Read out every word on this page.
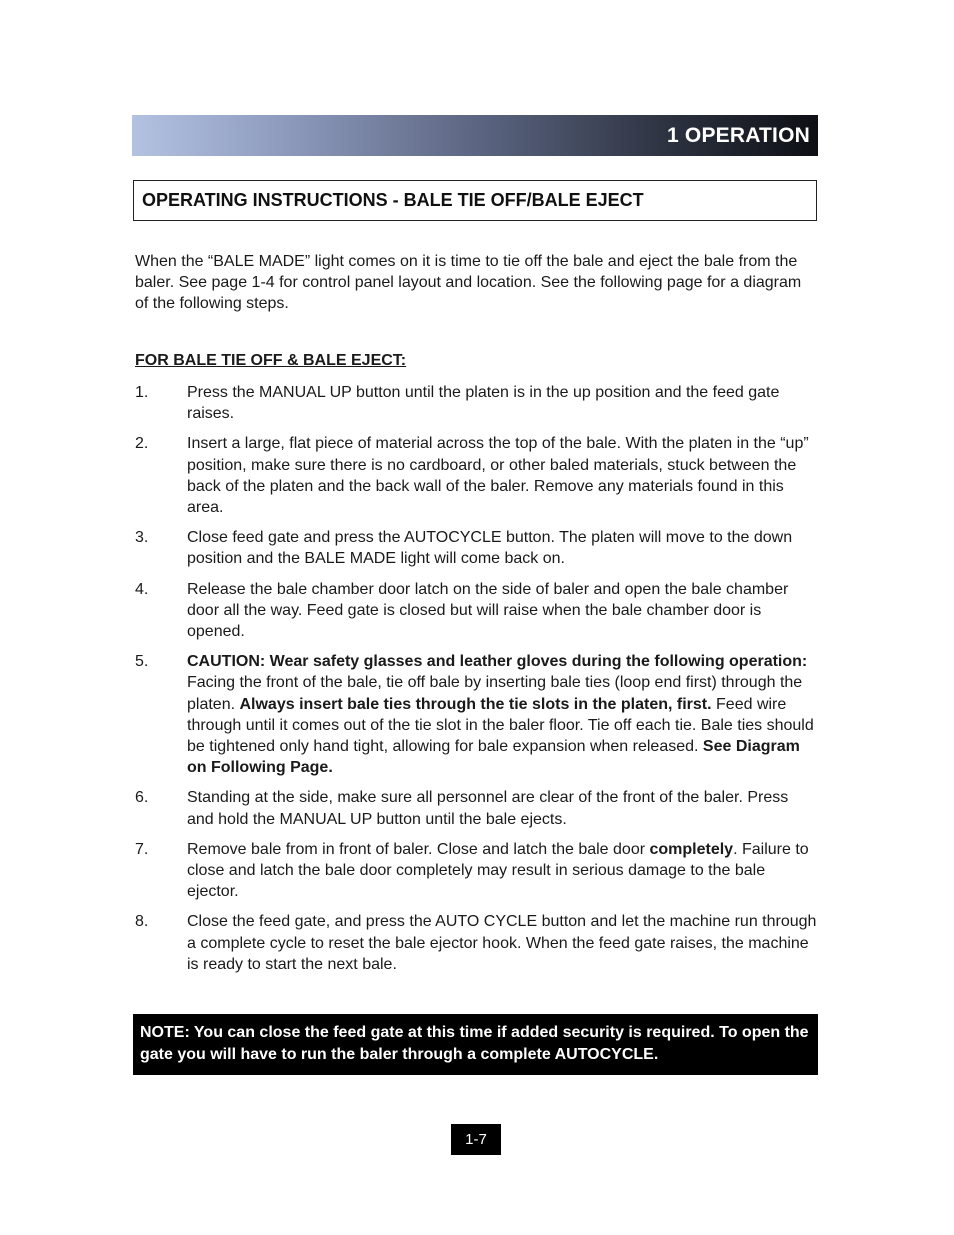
1 OPERATION
OPERATING INSTRUCTIONS - BALE TIE OFF/BALE EJECT

When the “BALE MADE” light comes on it is time to tie off the bale and eject the bale from the baler. See page 1-4 for control panel layout and location. See the following page for a diagram of the following steps.

FOR BALE TIE OFF & BALE EJECT:
1. Press the MANUAL UP button until the platen is in the up position and the feed gate raises.
2. Insert a large, flat piece of material across the top of the bale. With the platen in the “up” position, make sure there is no cardboard, or other baled materials, stuck between the back of the platen and the back wall of the baler. Remove any materials found in this area.
3. Close feed gate and press the AUTOCYCLE button. The platen will move to the down position and the BALE MADE light will come back on.
4. Release the bale chamber door latch on the side of baler and open the bale chamber door all the way. Feed gate is closed but will raise when the bale chamber door is opened.
5. CAUTION: Wear safety glasses and leather gloves during the following operation: Facing the front of the bale, tie off bale by inserting bale ties (loop end first) through the platen. Always insert bale ties through the tie slots in the platen, first. Feed wire through until it comes out of the tie slot in the baler floor. Tie off each tie. Bale ties should be tightened only hand tight, allowing for bale expansion when released. See Diagram on Following Page.
6. Standing at the side, make sure all personnel are clear of the front of the baler. Press and hold the MANUAL UP button until the bale ejects.
7. Remove bale from in front of baler. Close and latch the bale door completely. Failure to close and latch the bale door completely may result in serious damage to the bale ejector.
8. Close the feed gate, and press the AUTO CYCLE button and let the machine run through a complete cycle to reset the bale ejector hook. When the feed gate raises, the machine is ready to start the next bale.
NOTE: You can close the feed gate at this time if added security is required. To open the gate you will have to run the baler through a complete AUTOCYCLE.
1-7
